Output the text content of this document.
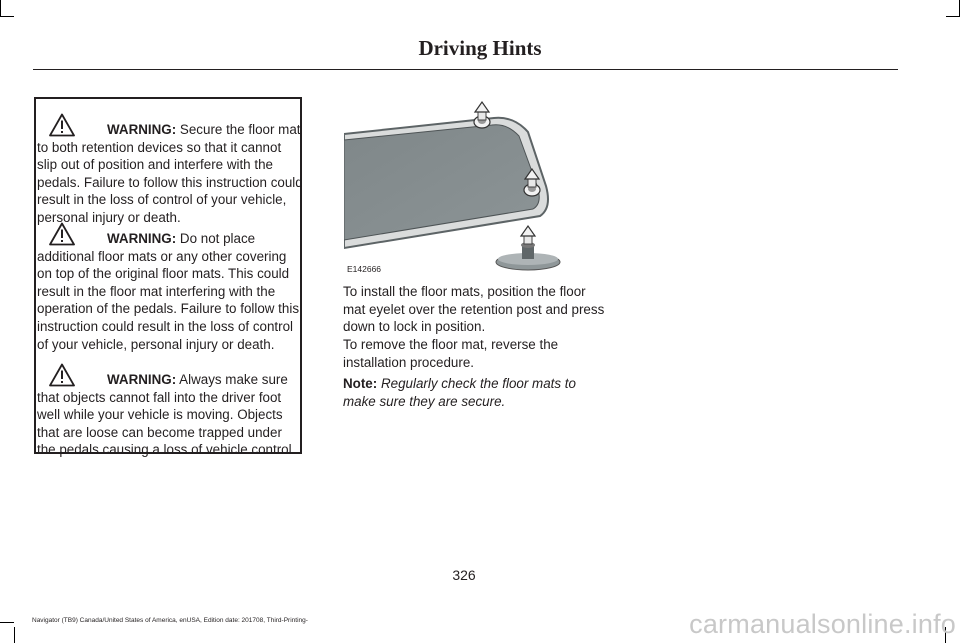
Driving Hints
WARNING: Secure the floor mat to both retention devices so that it cannot slip out of position and interfere with the pedals. Failure to follow this instruction could result in the loss of control of your vehicle, personal injury or death.
WARNING: Do not place additional floor mats or any other covering on top of the original floor mats. This could result in the floor mat interfering with the operation of the pedals. Failure to follow this instruction could result in the loss of control of your vehicle, personal injury or death.
WARNING: Always make sure that objects cannot fall into the driver foot well while your vehicle is moving. Objects that are loose can become trapped under the pedals causing a loss of vehicle control.
E142666
To install the floor mats, position the floor mat eyelet over the retention post and press down to lock in position.
To remove the floor mat, reverse the installation procedure.
Note: Regularly check the floor mats to make sure they are secure.
326
Navigator (TB9) Canada/United States of America, enUSA, Edition date: 201708, Third-Printing-	carmanualsonline.info
